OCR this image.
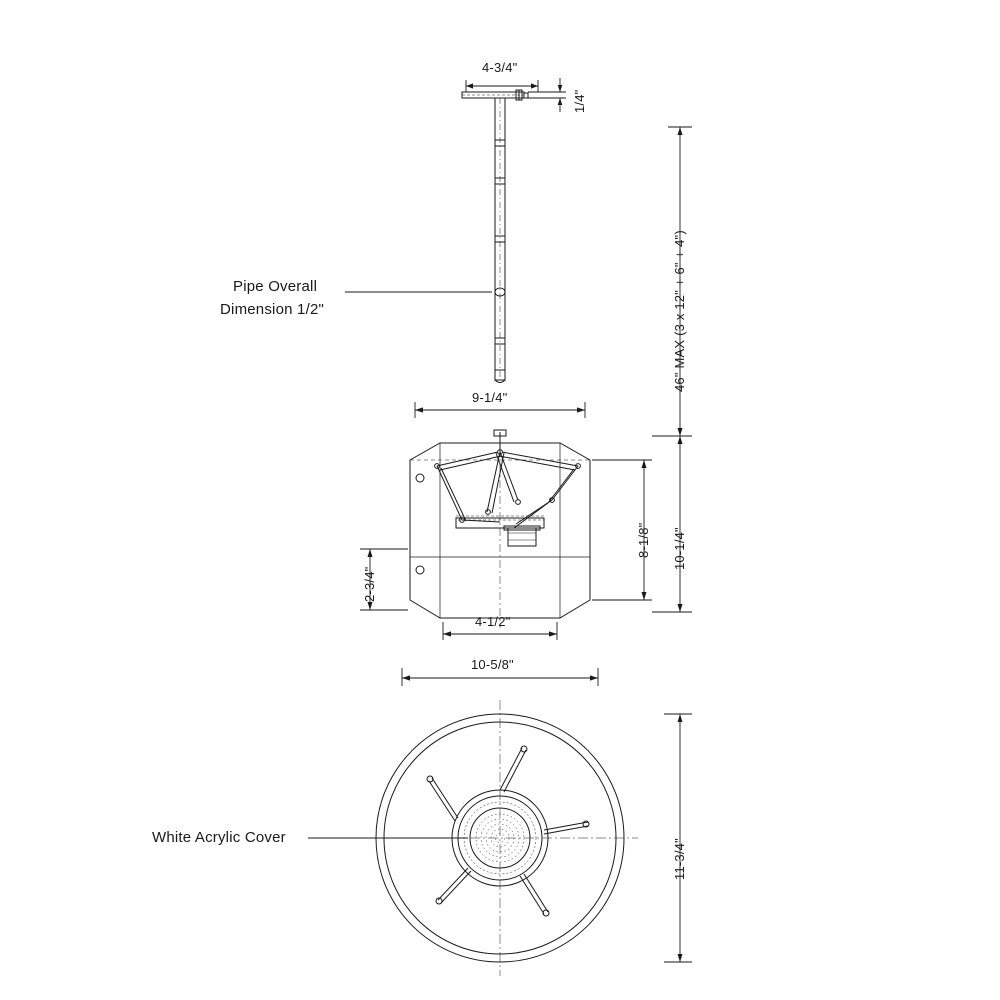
4-3/4"
1/4"
46" MAX (3 x 12" + 6" + 4")
Pipe Overall
Dimension 1/2"
9-1/4"
8-1/8" 10-1/4"
2-3/4"
4-1/2"
10-5/8"
White Acrylic Cover
11-3/4"
